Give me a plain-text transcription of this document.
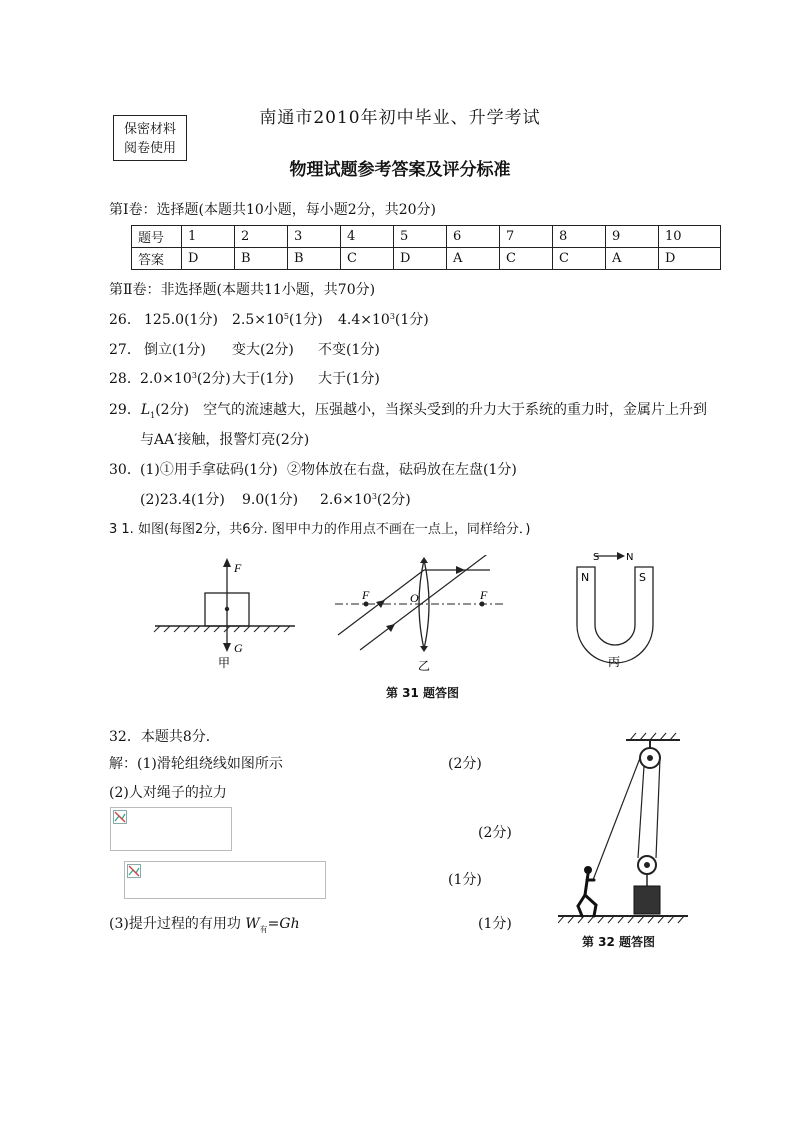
保密材料
阅卷使用
南通市2010年初中毕业、升学考试
物理试题参考答案及评分标准
第Ⅰ卷：选择题(本题共10小题，每小题2分，共20分)
题号	1	2	3	4	5	6	7	8	9	10
答案	D	B	B	C	D	A	C	C	A	D
第Ⅱ卷：非选择题(本题共11小题，共70分)
26． 125.0(1分) $2.5\times 10^5(1$分) $4.4\times 10^3(1$分)
27． 倒立(1分) 变大(2分) 不变(1分)
28． $2.0\times 10^3(2$分) 大于(1分) 大于(1分)
29．$L_1(2$分) 空气的流速越大，压强越小，当探头受到的升力大于系统的重力时，金属片上升到
与AA′接触，报警灯亮(2分)
30． (1)①用手拿砝码(1分) ②物体放在右盘，砝码放在左盘(1分)
(2)23.4(1分) 9.0(1分) $2.6\times 10^3(2$分)
3 1. 如图(每图2分，共6分. 图甲中力的作用点不画在一点上，同样给分．)
F
G
甲
F	O	F
乙
S	N
N	S
丙
第 31 题答图
32．本题共8分．
解：(1)滑轮组绕线如图所示	(2分)
(2)人对绳子的拉力
(2分)
(1分)
(3)提升过程的有用功 $W_有=Gh$	(1分)
第 32 题答图
